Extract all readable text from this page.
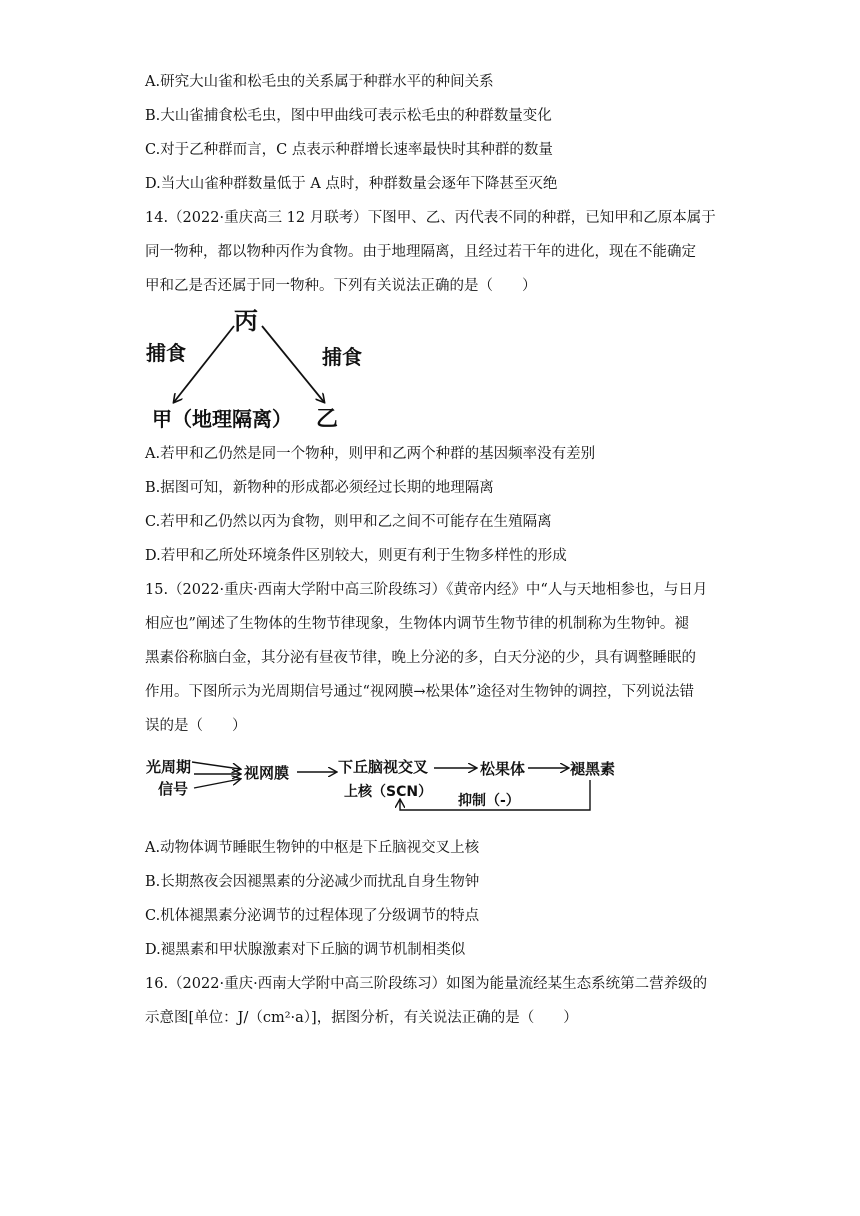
A.研究大山雀和松毛虫的关系属于种群水平的种间关系
B.大山雀捕食松毛虫，图中甲曲线可表示松毛虫的种群数量变化
C.对于乙种群而言，C 点表示种群增长速率最快时其种群的数量
D.当大山雀种群数量低于 A 点时，种群数量会逐年下降甚至灭绝
14.（2022·重庆高三 12 月联考）下图甲、乙、丙代表不同的种群，已知甲和乙原本属于
同一物种，都以物种丙作为食物。由于地理隔离，且经过若干年的进化，现在不能确定
甲和乙是否还属于同一物种。下列有关说法正确的是（　　）
丙
捕食	捕食
甲（地理隔离） 乙
A.若甲和乙仍然是同一个物种，则甲和乙两个种群的基因频率没有差别
B.据图可知，新物种的形成都必须经过长期的地理隔离
C.若甲和乙仍然以丙为食物，则甲和乙之间不可能存在生殖隔离
D.若甲和乙所处环境条件区别较大，则更有利于生物多样性的形成
15.（2022·重庆·西南大学附中高三阶段练习）《黄帝内经》中“人与天地相参也，与日月
相应也”阐述了生物体的生物节律现象，生物体内调节生物节律的机制称为生物钟。褪
黑素俗称脑白金，其分泌有昼夜节律，晚上分泌的多，白天分泌的少，具有调整睡眠的
作用。下图所示为光周期信号通过“视网膜→松果体”途径对生物钟的调控，下列说法错
误的是（　　）
光周期
信号
视网膜	下丘脑视交叉
上核（SCN）
松果体	褪黑素
抑制（-）
A.动物体调节睡眠生物钟的中枢是下丘脑视交叉上核
B.长期熬夜会因褪黑素的分泌减少而扰乱自身生物钟
C.机体褪黑素分泌调节的过程体现了分级调节的特点
D.褪黑素和甲状腺激素对下丘脑的调节机制相类似
16.（2022·重庆·西南大学附中高三阶段练习）如图为能量流经某生态系统第二营养级的
示意图[单位：J/（cm²·a）]，据图分析，有关说法正确的是（　　）
